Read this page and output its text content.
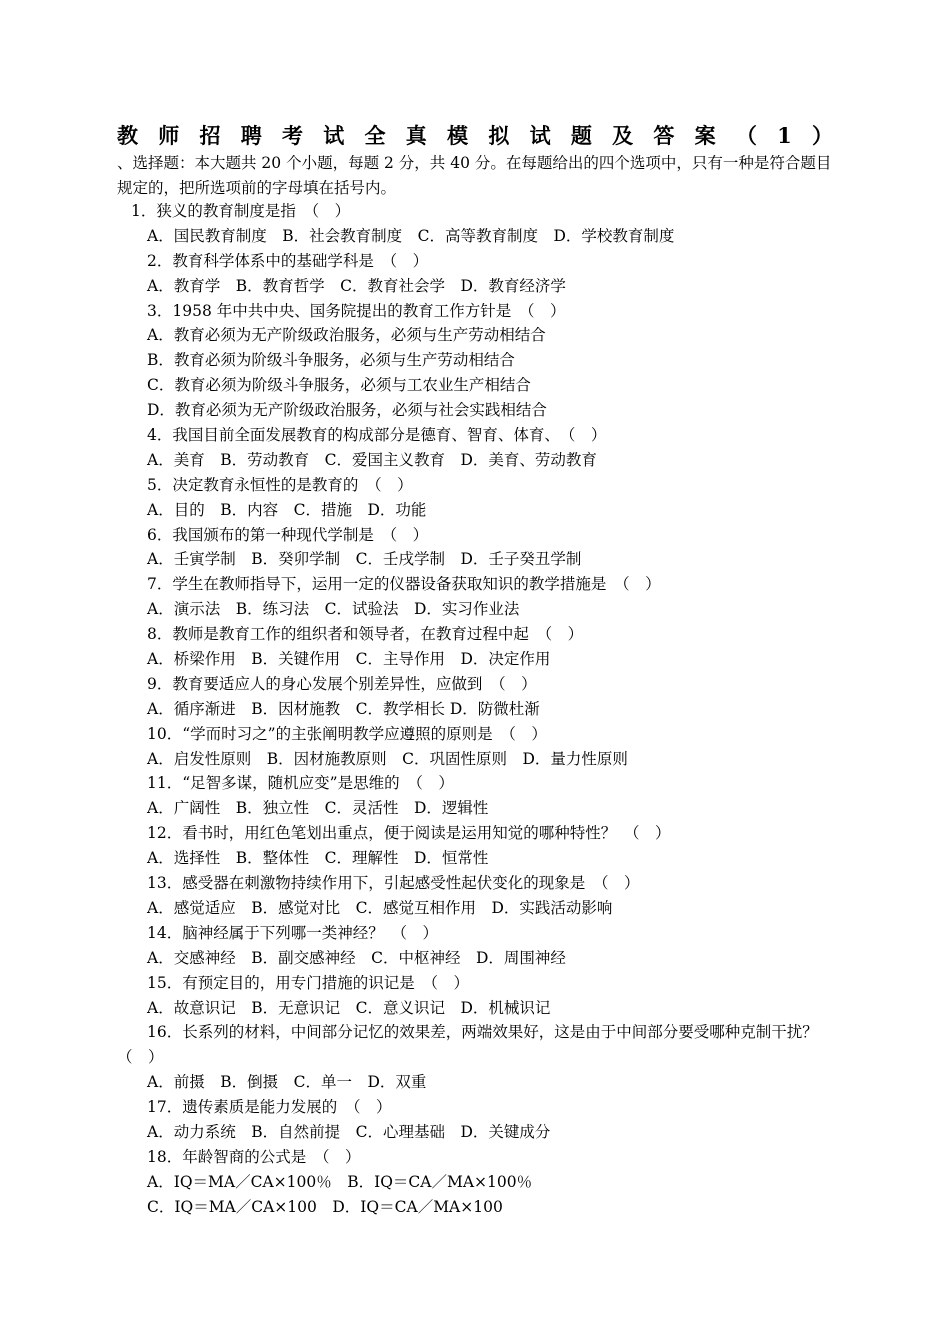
教师招聘考试全真模拟试题及答案（1）
、选择题：本大题共 20 个小题，每题 2 分，共 40 分。在每题给出的四个选项中，只有一种是符合题目规定的，把所选项前的字母填在括号内。
1．狭义的教育制度是指　（　）
A．国民教育制度　B．社会教育制度　C．高等教育制度　D．学校教育制度
2．教育科学体系中的基础学科是　（　）
A．教育学　B．教育哲学　C．教育社会学　D．教育经济学
3．1958 年中共中央、国务院提出的教育工作方针是　（　）
A．教育必须为无产阶级政治服务，必须与生产劳动相结合
B．教育必须为阶级斗争服务，必须与生产劳动相结合
C．教育必须为阶级斗争服务，必须与工农业生产相结合
D．教育必须为无产阶级政治服务，必须与社会实践相结合
4．我国目前全面发展教育的构成部分是德育、智育、体育、　（　）
A．美育　B．劳动教育　C．爱国主义教育　D．美育、劳动教育
5．决定教育永恒性的是教育的　（　）
A．目的　B．内容　C．措施　D．功能
6．我国颁布的第一种现代学制是　（　）
A．壬寅学制　B．癸卯学制　C．壬戌学制　D．壬子癸丑学制
7．学生在教师指导下，运用一定的仪器设备获取知识的教学措施是　（　）
A．演示法　B．练习法　C．试验法　D．实习作业法
8．教师是教育工作的组织者和领导者，在教育过程中起　（　）
A．桥梁作用　B．关键作用　C．主导作用　D．决定作用
9．教育要适应人的身心发展个别差异性，应做到　（　）
A．循序渐进　B．因材施教　C．教学相长 D．防微杜渐
10．“学而时习之”的主张阐明教学应遵照的原则是　（　）
A．启发性原则　B．因材施教原则　C．巩固性原则　D．量力性原则
11．“足智多谋，随机应变”是思维的　（　）
A．广阔性　B．独立性　C．灵活性　D．逻辑性
12．看书时，用红色笔划出重点，便于阅读是运用知觉的哪种特性？　（　）
A．选择性　B．整体性　C．理解性　D．恒常性
13．感受器在刺激物持续作用下，引起感受性起伏变化的现象是　（　）
A．感觉适应　B．感觉对比　C．感觉互相作用　D．实践活动影响
14．脑神经属于下列哪一类神经？　（　）
A．交感神经　B．副交感神经　C．中枢神经　D．周围神经
15．有预定目的，用专门措施的识记是　（　）
A．故意识记　B．无意识记　C．意义识记　D．机械识记
16．长系列的材料，中间部分记忆的效果差，两端效果好，这是由于中间部分要受哪种克制干扰？　（　）
A．前摄　B．倒摄　C．单一　D．双重
17．遗传素质是能力发展的　（　）
A．动力系统　B．自然前提　C．心理基础　D．关键成分
18．年龄智商的公式是　（　）
A．IQ＝MA／CA×100％　B．IQ＝CA／MA×100％
C．IQ＝MA／CA×100　D．IQ＝CA／MA×100
